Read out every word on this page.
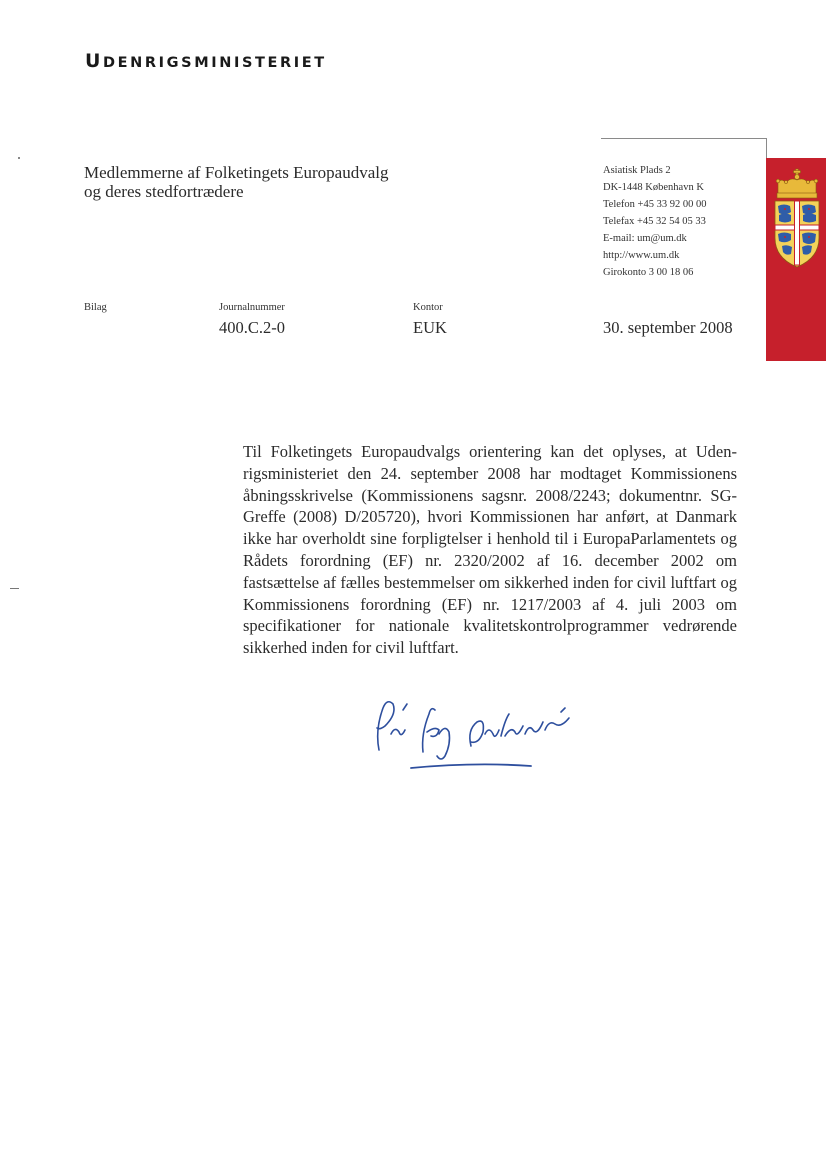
UDENRIGSMINISTERIET
Medlemmerne af Folketingets Europaudvalg
og deres stedfortrædere
Asiatisk Plads 2
DK-1448 København K
Telefon +45 33 92 00 00
Telefax +45 32 54 05 33
E-mail: um@um.dk
http://www.um.dk
Girokonto 3 00 18 06
Bilag	Journalnummer
400.C.2-0
Kontor
EUK	30. september 2008
Til Folketingets Europaudvalgs orientering kan det oplyses, at Udenrigsministeriet den 24. september 2008 har modtaget Kommissionens åbningsskrivelse (Kommissionens sagsnr. 2008/2243; dokumentnr. SG-Greffe (2008) D/205720), hvori Kommissionen har anført, at Danmark ikke har overholdt sine forpligtelser i henhold til i EuropaParlamentets og Rådets forordning (EF) nr. 2320/2002 af 16. december 2002 om fastsættelse af fælles bestemmelser om sikkerhed inden for civil luftfart og Kommissionens forordning (EF) nr. 1217/2003 af 4. juli 2003 om specifikationer for nationale kvalitetskontrolprogrammer vedrørende sikkerhed inden for civil luftfart.
